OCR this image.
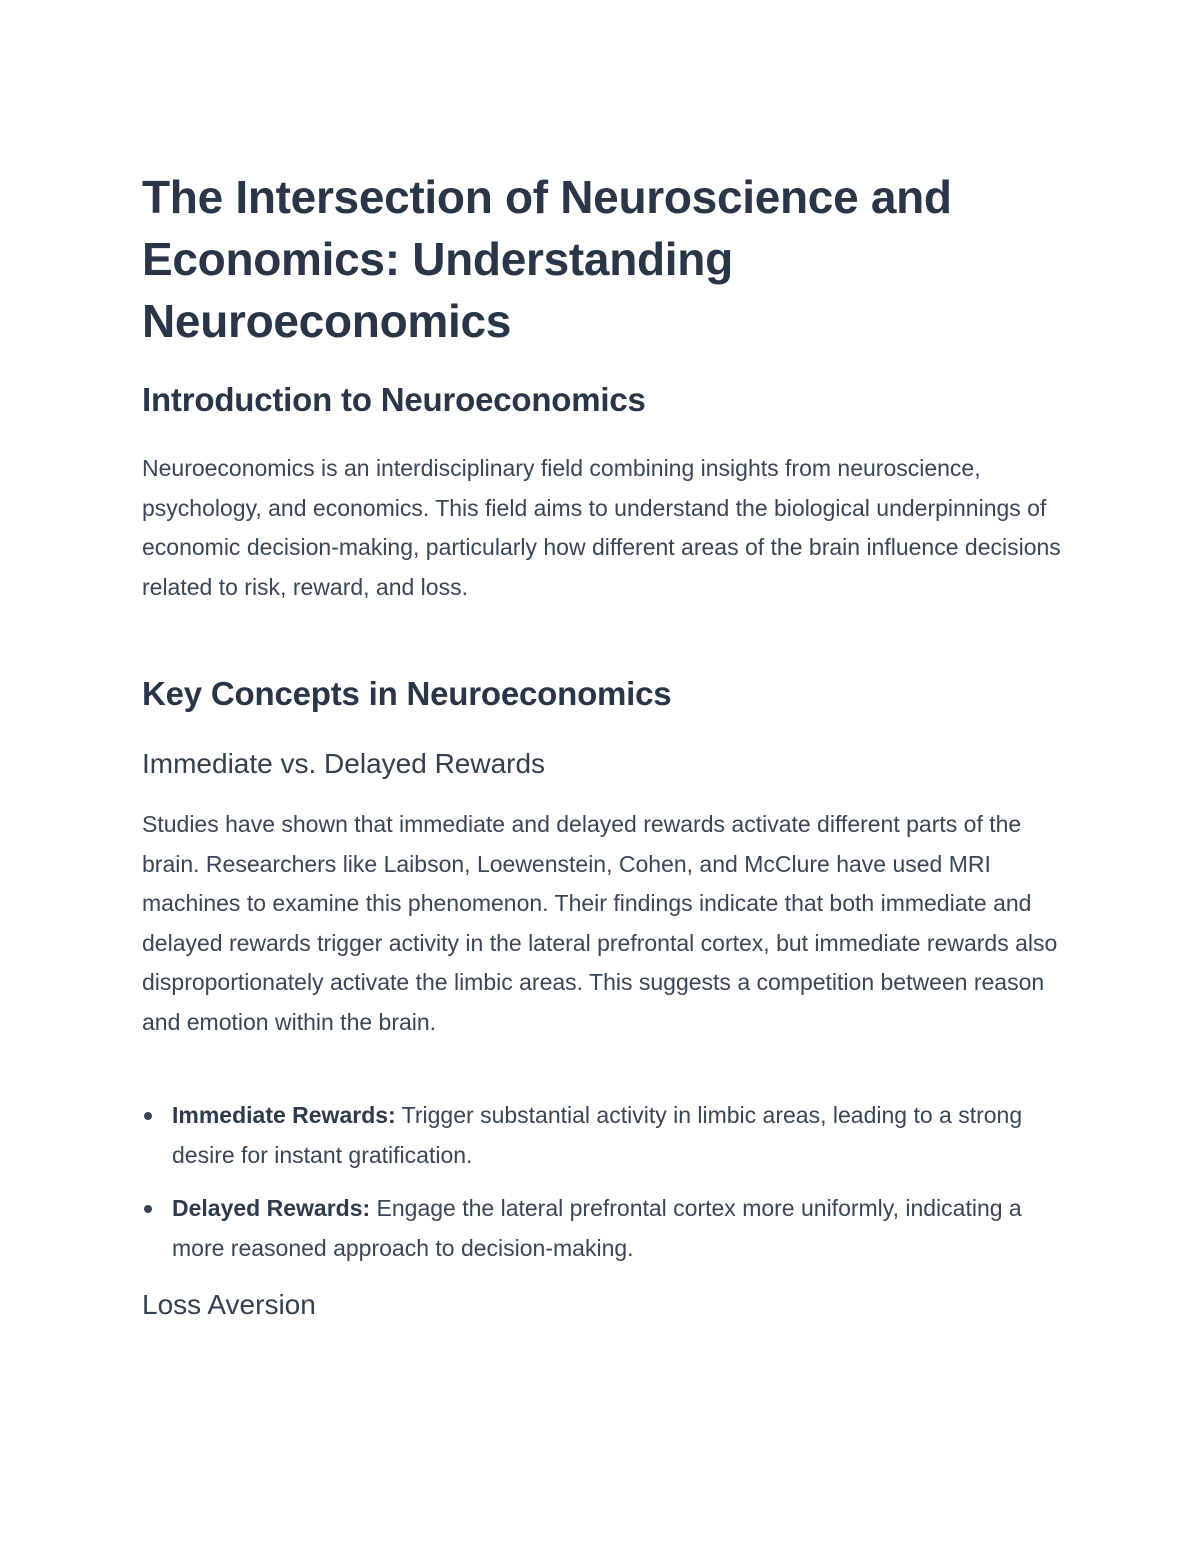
The Intersection of Neuroscience and Economics: Understanding Neuroeconomics
Introduction to Neuroeconomics

Neuroeconomics is an interdisciplinary field combining insights from neuroscience, psychology, and economics. This field aims to understand the biological underpinnings of economic decision-making, particularly how different areas of the brain influence decisions related to risk, reward, and loss.

Key Concepts in Neuroeconomics
Immediate vs. Delayed Rewards

Studies have shown that immediate and delayed rewards activate different parts of the brain. Researchers like Laibson, Loewenstein, Cohen, and McClure have used MRI machines to examine this phenomenon. Their findings indicate that both immediate and delayed rewards trigger activity in the lateral prefrontal cortex, but immediate rewards also disproportionately activate the limbic areas. This suggests a competition between reason and emotion within the brain.

Immediate Rewards: Trigger substantial activity in limbic areas, leading to a strong desire for instant gratification.
Delayed Rewards: Engage the lateral prefrontal cortex more uniformly, indicating a more reasoned approach to decision-making.
Loss Aversion
